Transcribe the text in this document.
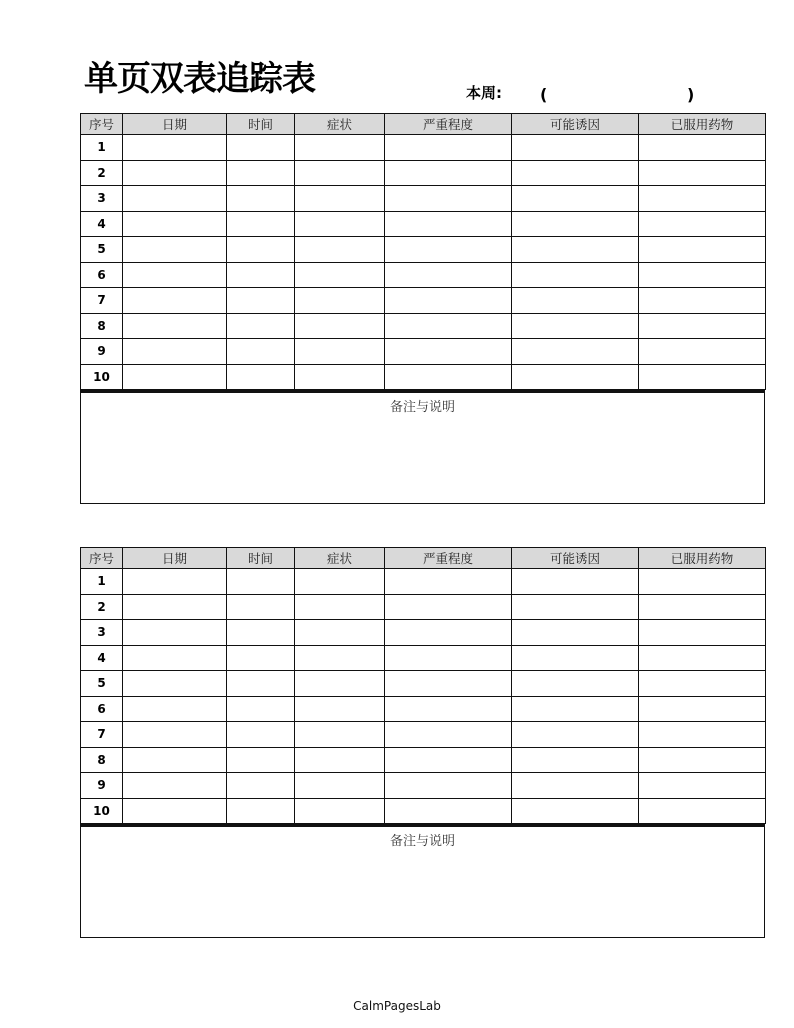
单页双表追踪表	本周: (	)
序号	日期	时间	症状	严重程度	可能诱因	已服用药物
1						
2						
3						
4						
5						
6						
7						
8						
9						
10						
备注与说明
序号	日期	时间	症状	严重程度	可能诱因	已服用药物
1						
2						
3						
4						
5						
6						
7						
8						
9						
10						
备注与说明
CalmPagesLab
